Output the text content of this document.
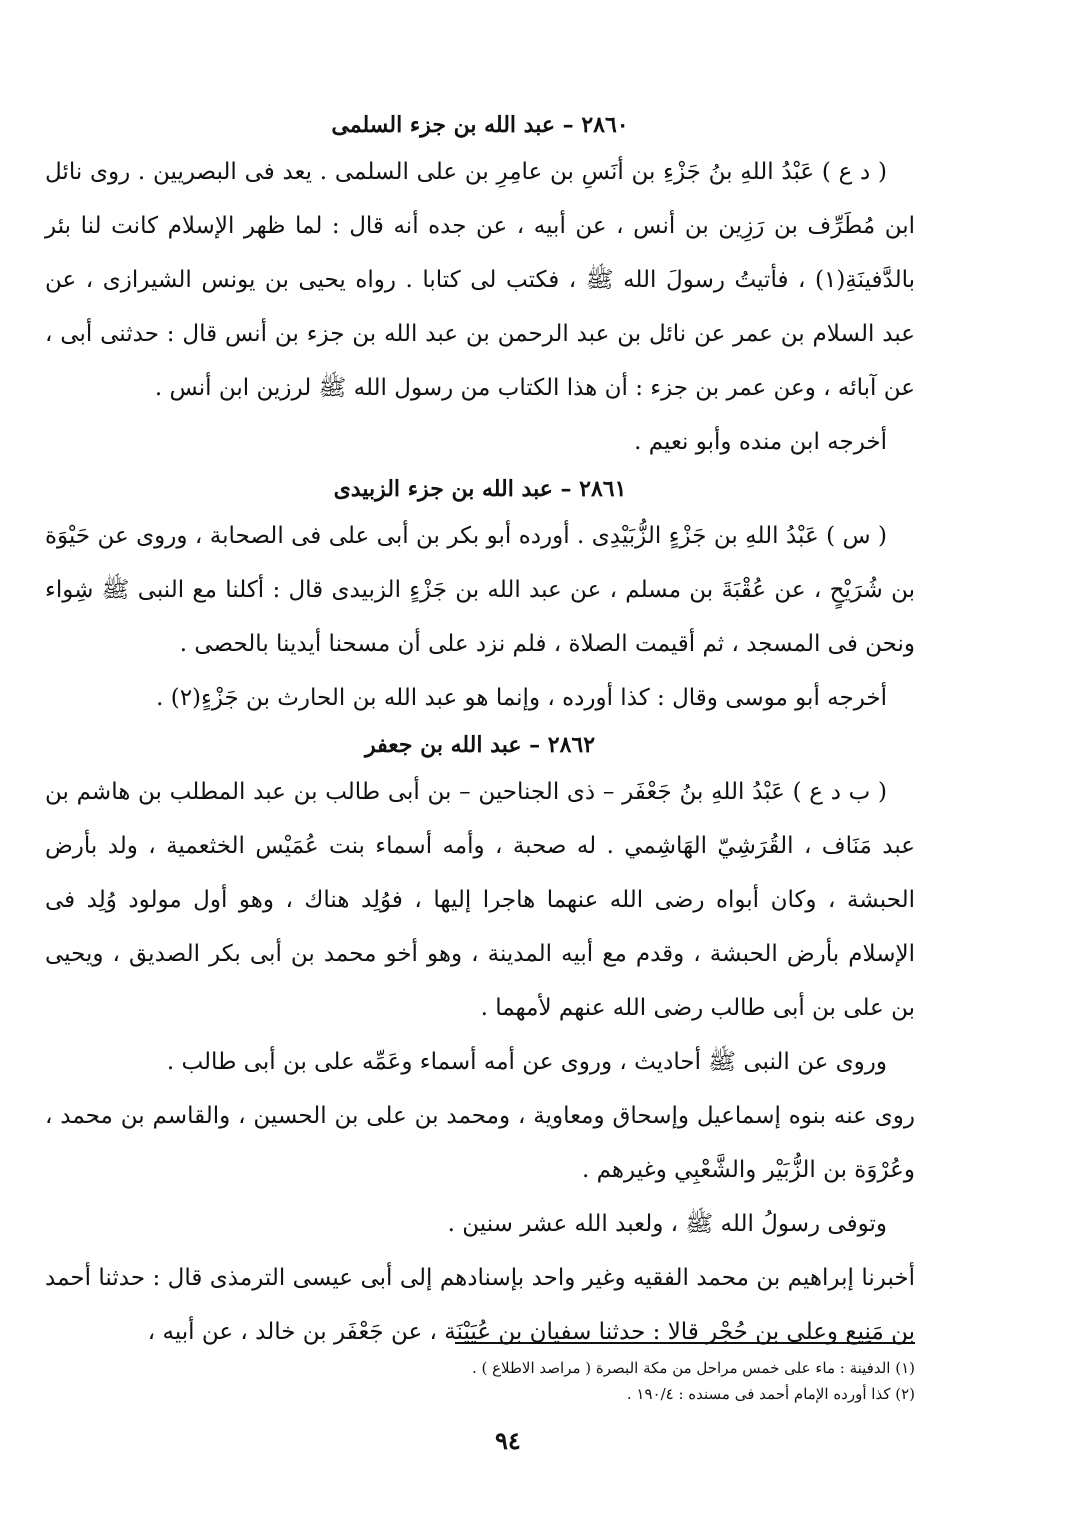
٢٨٦٠ – عبد الله بن جزء السلمى

( د ع ) عَبْدُ اللهِ بنُ جَزْءِ بن أنَسِ بن عامِرِ بن على السلمى . يعد فى البصريين . روى نائل ابن مُطَرِّف بن رَزِين بن أنس ، عن أبيه ، عن جده أنه قال : لما ظهر الإسلام كانت لنا بئر بالدَّفينَةِ(١) ، فأتيتُ رسولَ الله ﷺ ، فكتب لى كتابا . رواه يحيى بن يونس الشيرازى ، عن عبد السلام بن عمر عن نائل بن عبد الرحمن بن عبد الله بن جزء بن أنس قال : حدثنى أبى ، عن آبائه ، وعن عمر بن جزء : أن هذا الكتاب من رسول الله ﷺ لرزين ابن أنس .

أخرجه ابن منده وأبو نعيم .

٢٨٦١ – عبد الله بن جزء الزبيدى

( س ) عَبْدُ اللهِ بن جَزْءٍ الزُّبَيْدِى . أورده أبو بكر بن أبى على فى الصحابة ، وروى عن حَيْوَة بن شُرَيْحٍ ، عن عُقْبَةَ بن مسلم ، عن عبد الله بن جَزْءٍ الزبيدى قال : أكلنا مع النبى ﷺ شِواء ونحن فى المسجد ، ثم أقيمت الصلاة ، فلم نزد على أن مسحنا أيدينا بالحصى .

أخرجه أبو موسى وقال : كذا أورده ، وإنما هو عبد الله بن الحارث بن جَزْءٍ(٢) .

٢٨٦٢ – عبد الله بن جعفر

( ب د ع ) عَبْدُ اللهِ بنُ جَعْفَر – ذى الجناحين – بن أبى طالب بن عبد المطلب بن هاشم بن عبد مَنَاف ، القُرَشِيّ الهَاشِمي . له صحبة ، وأمه أسماء بنت عُمَيْس الخثعمية ، ولد بأرض الحبشة ، وكان أبواه رضى الله عنهما هاجرا إليها ، فوُلِد هناك ، وهو أول مولود وُلِد فى الإسلام بأرض الحبشة ، وقدم مع أبيه المدينة ، وهو أخو محمد بن أبى بكر الصديق ، ويحيى بن على بن أبى طالب رضى الله عنهم لأمهما .

وروى عن النبى ﷺ أحاديث ، وروى عن أمه أسماء وعَمِّه على بن أبى طالب .

روى عنه بنوه إسماعيل وإسحاق ومعاوية ، ومحمد بن على بن الحسين ، والقاسم بن محمد ، وعُرْوَة بن الزُّبَيْر والشَّعْبِي وغيرهم .

وتوفى رسولُ الله ﷺ ، ولعبد الله عشر سنين .

أخبرنا إبراهيم بن محمد الفقيه وغير واحد بإسنادهم إلى أبى عيسى الترمذى قال : حدثنا أحمد بن مَنِيع وعلى بن حُجْر قالا : حدثنا سفيان بن عُيَيْنَة ، عن جَعْفَر بن خالد ، عن أبيه ،

(١) الدفينة : ماء على خمس مراحل من مكة البصرة ( مراصد الاطلاع ) .

(٢) كذا أورده الإمام أحمد فى مسنده : ١٩٠/٤ .

٩٤
